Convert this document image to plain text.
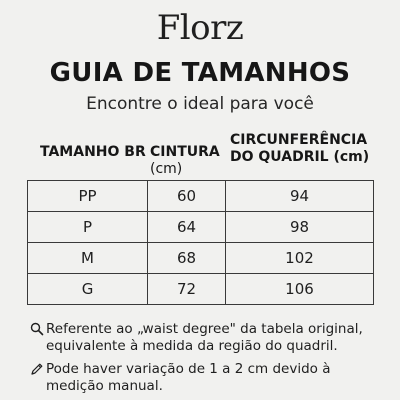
Florz
GUIA DE TAMANHOS
Encontre o ideal para você
TAMANHO BR CINTURA
(cm)
CIRCUNFERÊNCIA
DO QUADRIL (cm)
PP	60	94
P	64	98
M	68	102
G	72	106
Referente ao „waist degree" da tabela original, equivalente à medida da região do quadril.
Pode haver variação de 1 a 2 cm devido à medição manual.
